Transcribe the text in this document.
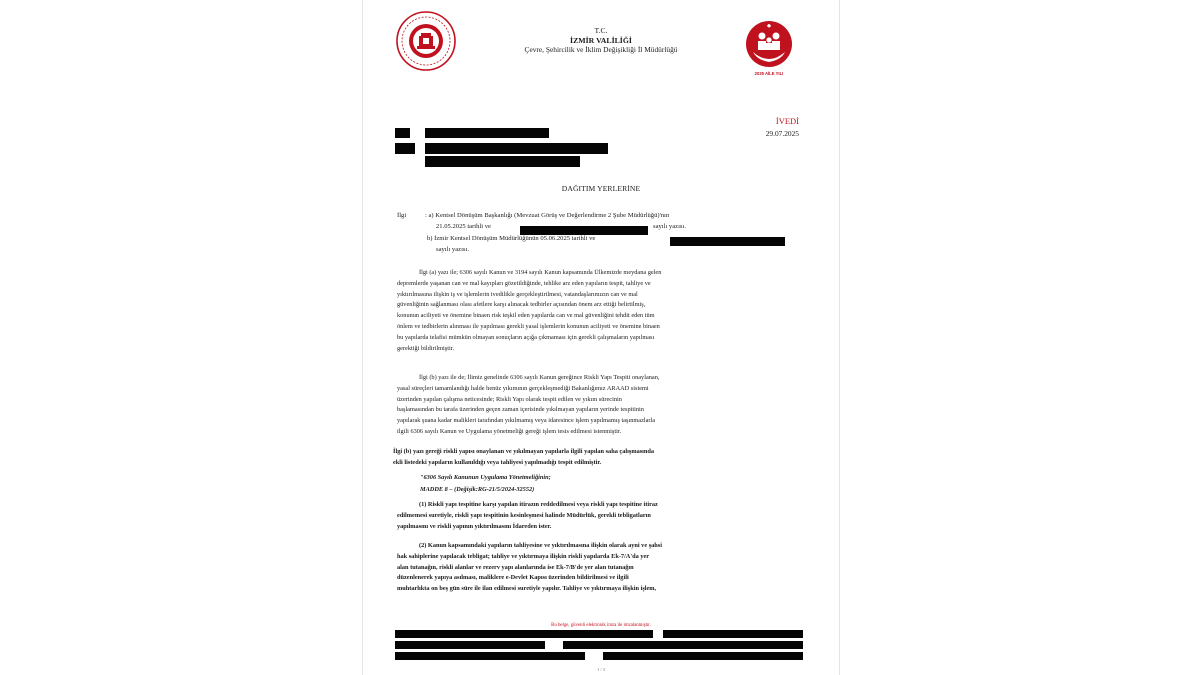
T.C.
İZMİR VALİLİĞİ
Çevre, Şehircilik ve İklim Değişikliği İl Müdürlüğü
2025 AİLE YILI
İVEDİ
29.07.2025
DAĞITIM YERLERİNE
İlgi	: a) Kentsel Dönüşüm Başkanlığı (Mevzuat Görüş ve Değerlendirme 2 Şube Müdürlüğü)'nın
21.05.2025 tarihli ve	sayılı yazısı.
b) İzmir Kentsel Dönüşüm Müdürlüğünün 05.06.2025 tarihli ve
sayılı yazısı.
İlgi (a) yazı ile; 6306 sayılı Kanun ve 3194 sayılı Kanun kapsamında Ülkemizde meydana gelen
depremlerde yaşanan can ve mal kayıpları gözetildiğinde, tehlike arz eden yapıların tespit, tahliye ve
yıktırılmasına ilişkin iş ve işlemlerin ivedilikle gerçekleştirilmesi, vatandaşlarımızın can ve mal
güvenliğinin sağlanması olası afetlere karşı alınacak tedbirler açısından önem arz ettiği belirtilmiş,
konunun aciliyeti ve önemine binaen risk teşkil eden yapılarda can ve mal güvenliğini tehdit eden tüm
önlem ve tedbirlerin alınması ile yapılması gerekli yasal işlemlerin konunun aciliyeti ve önemine binaen
bu yapılarda telafisi mümkün olmayan sonuçların açığa çıkmaması için gerekli çalışmaların yapılması
gerektiği bildirilmiştir.
İlgi (b) yazı ile de; İlimiz genelinde 6306 sayılı Kanun gereğince Riskli Yapı Tespiti onaylanan,
yasal süreçleri tamamlandığı halde henüz yıkımının gerçekleşmediği Bakanlığımız ARAAD sistemi
üzerinden yapılan çalışma neticesinde; Riskli Yapı olarak tespit edilen ve yıkım sürecinin
başlamasından bu tarafa üzerinden geçen zaman içerisinde yıkılmayan yapıların yerinde tespitinin
yapılarak şuana kadar malikleri tarafından yıkılmamış veya idaresince işlem yapılmamış taşınmazlarla
ilgili 6306 sayılı Kanun ve Uygulama yönetmeliği gereği işlem tesis edilmesi istenmiştir.
İlgi (b) yazı gereği riskli yapısı onaylanan ve yıkılmayan yapılarla ilgili yapılan saha çalışmasında
ekli listedeki yapıların kullanıldığı veya tahliyesi yapılmadığı tespit edilmiştir.
"6306 Sayılı Kanunun Uygulama Yönetmeliğinin;
MADDE 8 – (Değişik:RG-21/5/2024-32552)
(1) Riskli yapı tespitine karşı yapılan itirazın reddedilmesi veya riskli yapı tespitine itiraz
edilmemesi suretiyle, riskli yapı tespitinin kesinleşmesi halinde Müdürlük, gerekli tebligatların
yapılmasını ve riskli yapının yıktırılmasını İdareden ister.
(2) Kanun kapsamındaki yapıların tahliyesine ve yıktırılmasına ilişkin olarak ayni ve şahsi
hak sahiplerine yapılacak tebligat; tahliye ve yıktırmaya ilişkin riskli yapılarda Ek-7/A'da yer
alan tutanağın, riskli alanlar ve rezerv yapı alanlarında ise Ek-7/B'de yer alan tutanağın
düzenlenerek yapıya asılması, maliklere e-Devlet Kapısı üzerinden bildirilmesi ve ilgili
muhtarlıkta on beş gün süre ile ilan edilmesi suretiyle yapılır. Tahliye ve yıktırmaya ilişkin işlem,
Bu belge, güvenli elektronik imza ile imzalanmıştır.
1 / 3
